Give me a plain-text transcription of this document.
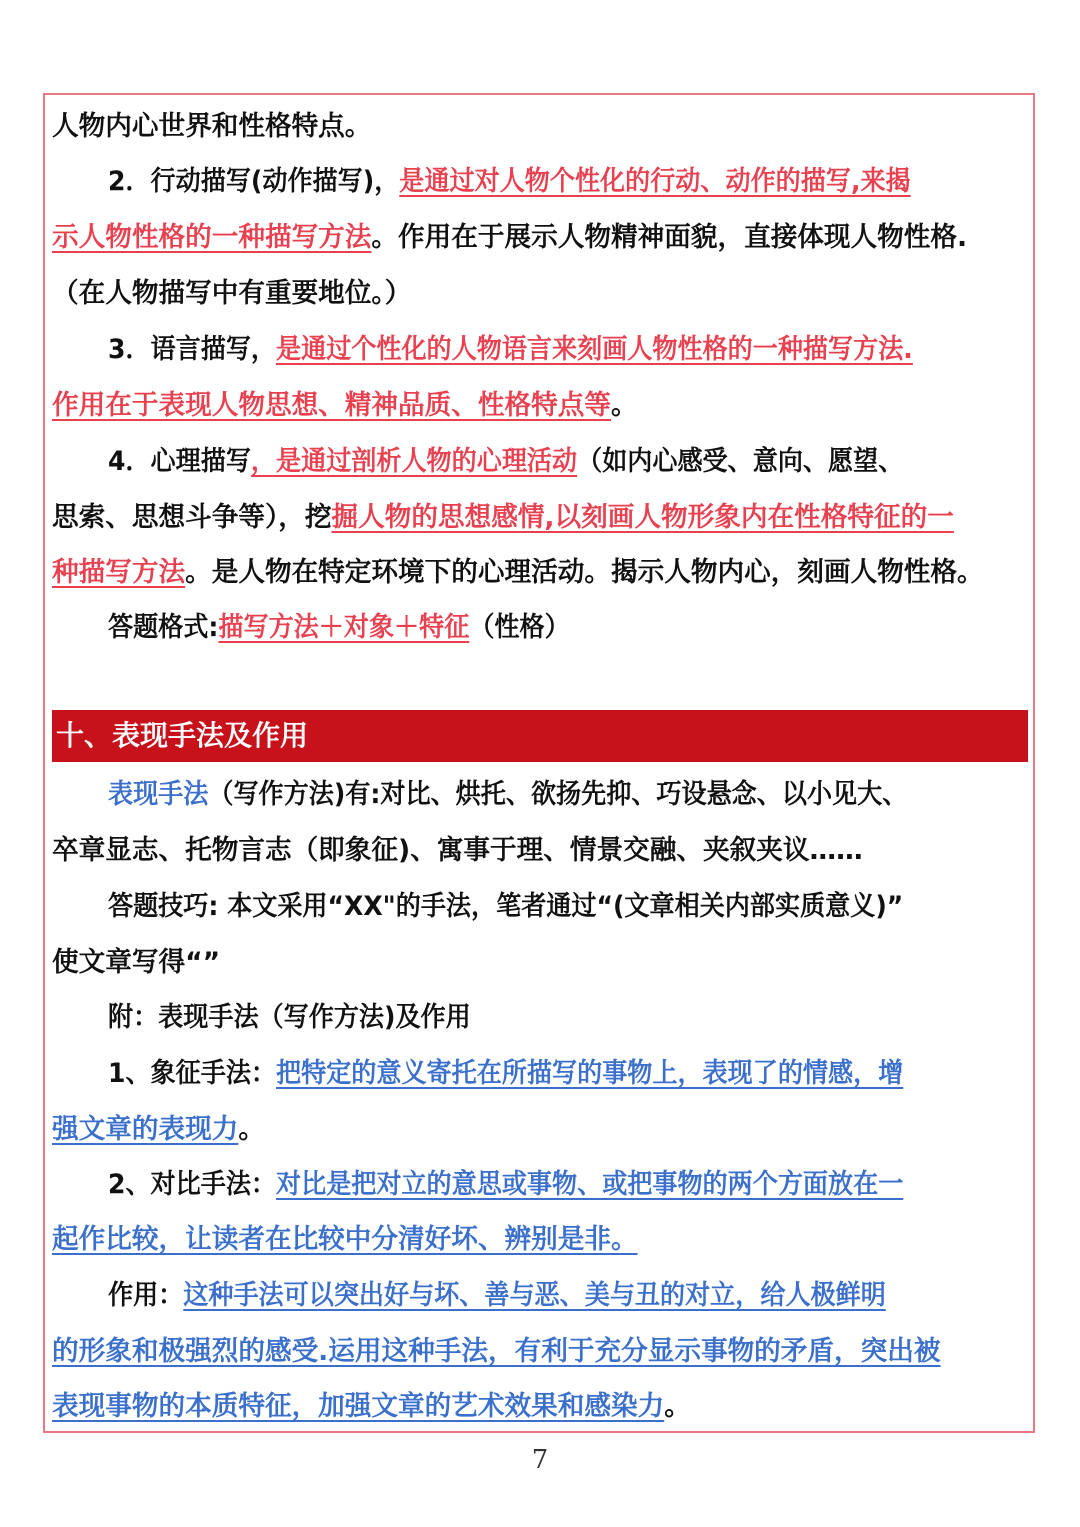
人物内心世界和性格特点。
2．行动描写(动作描写)，是通过对人物个性化的行动、动作的描写,来揭
示人物性格的一种描写方法。作用在于展示人物精神面貌，直接体现人物性格.
（在人物描写中有重要地位。）
3．语言描写，是通过个性化的人物语言来刻画人物性格的一种描写方法.
作用在于表现人物思想、精神品质、性格特点等。
4．心理描写，是通过剖析人物的心理活动（如内心感受、意向、愿望、
思索、思想斗争等），挖掘人物的思想感情,以刻画人物形象内在性格特征的一
种描写方法。是人物在特定环境下的心理活动。揭示人物内心，刻画人物性格。
答题格式:描写方法＋对象＋特征（性格）
十、表现手法及作用
表现手法（写作方法)有:对比、烘托、欲扬先抑、巧设悬念、以小见大、
卒章显志、托物言志（即象征)、寓事于理、情景交融、夹叙夹议……
答题技巧: 本文采用“XX"的手法，笔者通过“(文章相关内部实质意义)”
使文章写得“”
附：表现手法（写作方法)及作用
1、象征手法：把特定的意义寄托在所描写的事物上，表现了的情感，增
强文章的表现力。
2、对比手法：对比是把对立的意思或事物、或把事物的两个方面放在一
起作比较，让读者在比较中分清好坏、辨别是非。
作用：这种手法可以突出好与坏、善与恶、美与丑的对立，给人极鲜明
的形象和极强烈的感受.运用这种手法，有利于充分显示事物的矛盾，突出被
表现事物的本质特征，加强文章的艺术效果和感染力。
7
